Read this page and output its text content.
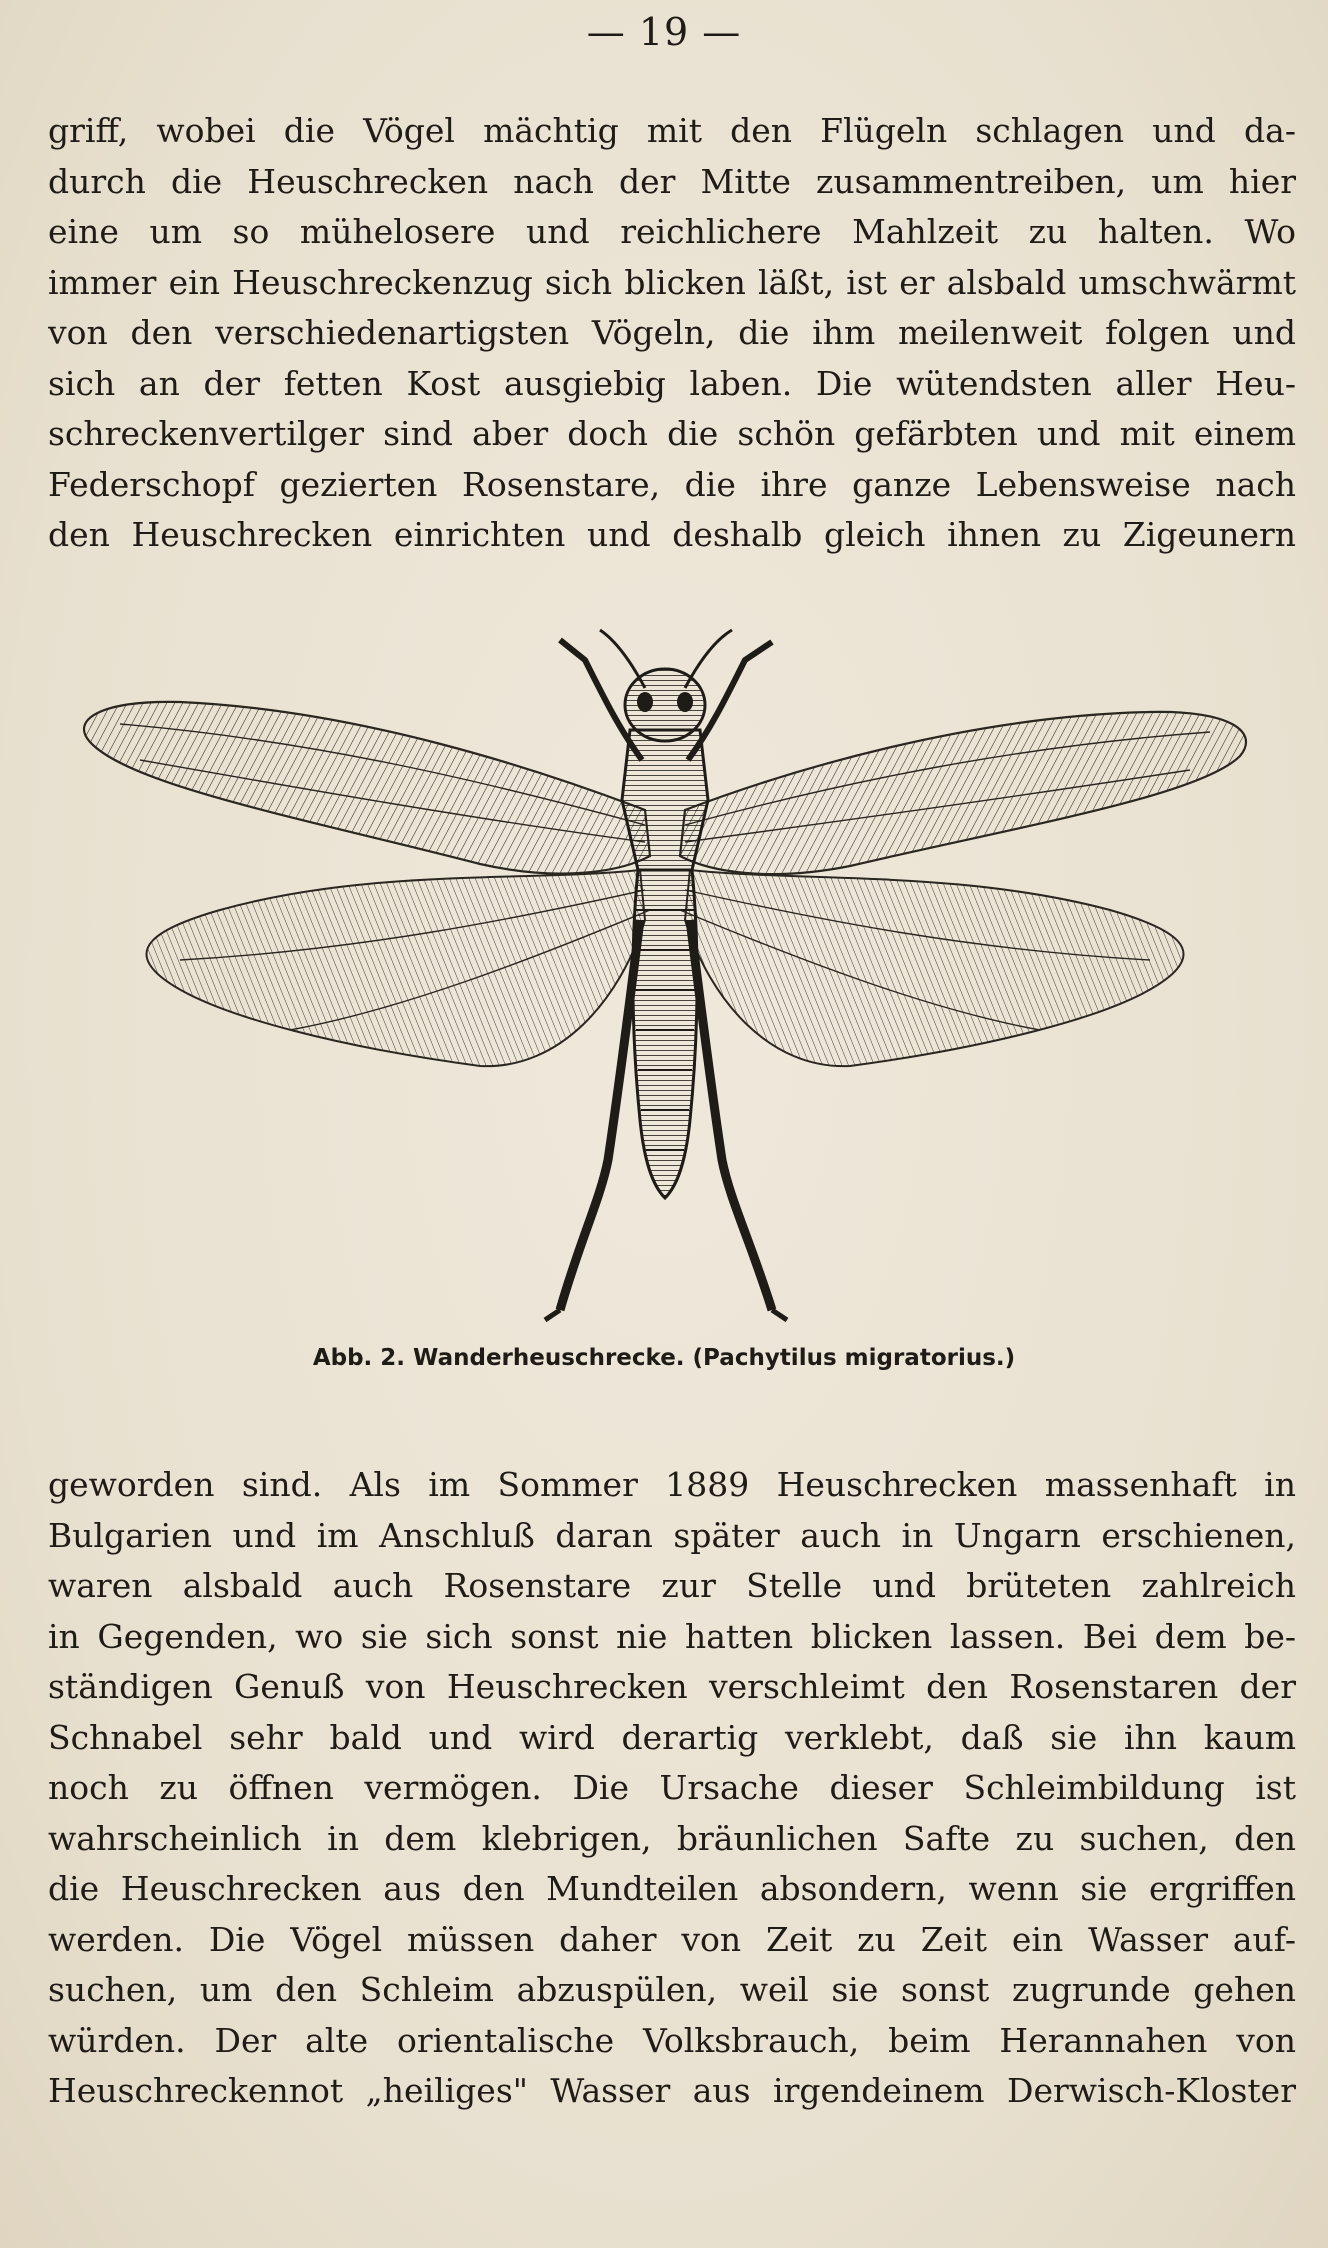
— 19 —
griff, wobei die Vögel mächtig mit den Flügeln schlagen und da-
durch die Heuschrecken nach der Mitte zusammentreiben, um hier
eine um so mühelosere und reichlichere Mahlzeit zu halten. Wo
immer ein Heuschreckenzug sich blicken läßt, ist er alsbald umschwärmt
von den verschiedenartigsten Vögeln, die ihm meilenweit folgen und
sich an der fetten Kost ausgiebig laben. Die wütendsten aller Heu-
schreckenvertilger sind aber doch die schön gefärbten und mit einem
Federschopf gezierten Rosenstare, die ihre ganze Lebensweise nach
den Heuschrecken einrichten und deshalb gleich ihnen zu Zigeunern
Abb. 2. Wanderheuschrecke. (Pachytilus migratorius.)
geworden sind. Als im Sommer 1889 Heuschrecken massenhaft in
Bulgarien und im Anschluß daran später auch in Ungarn erschienen,
waren alsbald auch Rosenstare zur Stelle und brüteten zahlreich
in Gegenden, wo sie sich sonst nie hatten blicken lassen. Bei dem be-
ständigen Genuß von Heuschrecken verschleimt den Rosenstaren der
Schnabel sehr bald und wird derartig verklebt, daß sie ihn kaum
noch zu öffnen vermögen. Die Ursache dieser Schleimbildung ist
wahrscheinlich in dem klebrigen, bräunlichen Safte zu suchen, den
die Heuschrecken aus den Mundteilen absondern, wenn sie ergriffen
werden. Die Vögel müssen daher von Zeit zu Zeit ein Wasser auf-
suchen, um den Schleim abzuspülen, weil sie sonst zugrunde gehen
würden. Der alte orientalische Volksbrauch, beim Herannahen von
Heuschreckennot „heiliges" Wasser aus irgendeinem Derwisch-Kloster
